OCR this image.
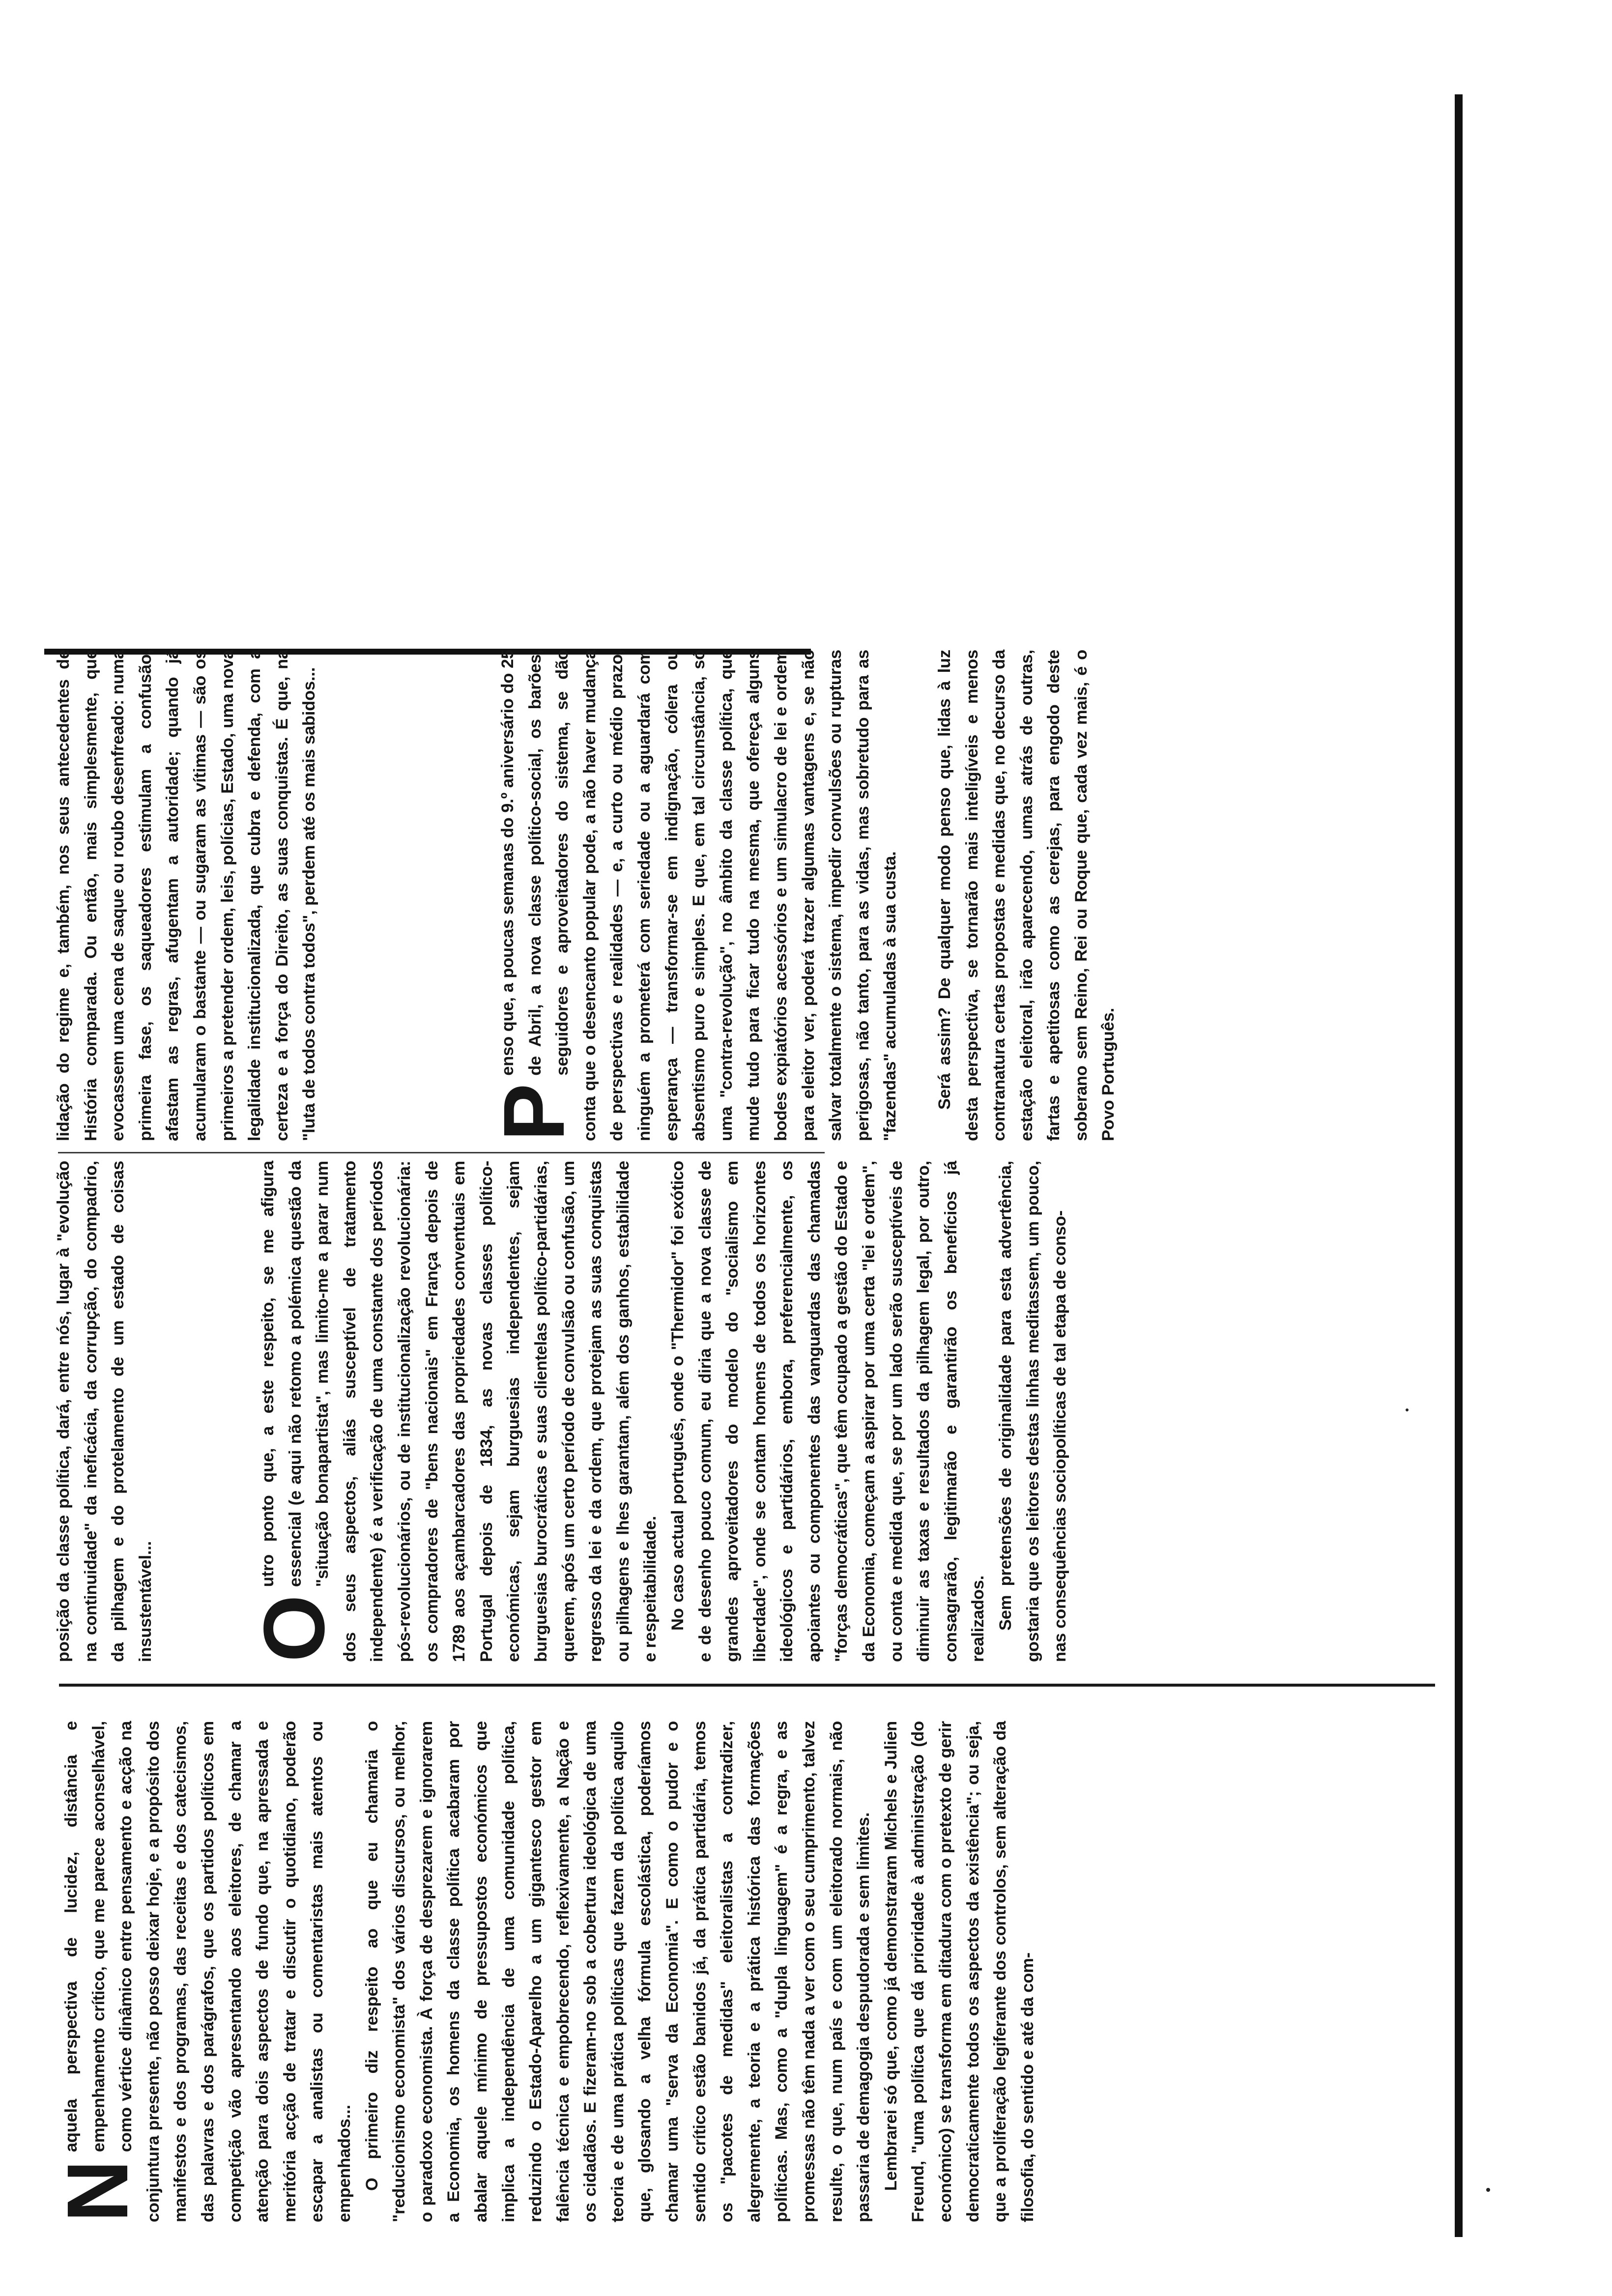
N
aquela perspectiva de lucidez, distância e empenhamento crítico, que me parece aconselhável, como vértice dinâmico entre pensamento e acção na conjuntura presente, não posso deixar hoje, e a propósito dos manifestos e dos programas, das receitas e dos catecismos, das palavras e dos parágrafos, que os partidos políticos em competição vão apresentando aos eleitores, de chamar a atenção para dois aspectos de fundo que, na apressada e meritória acção de tratar e discutir o quotidiano, poderão escapar a analistas ou comentaristas mais atentos ou empenhados... O primeiro diz respeito ao que eu chamaria o "reducionismo economista" dos vários discursos, ou melhor, o paradoxo economista. À força de desprezarem e ignorarem a Economia, os homens da classe política acabaram por abalar aquele mínimo de pressupostos económicos que implica a independência de uma comunidade política, reduzindo o Estado-Aparelho a um gigantesco gestor em falência técnica e empobrecendo, reflexivamente, a Nação e os cidadãos. E fizeram-no sob a cobertura ideológica de uma teoria e de uma prática políticas que fazem da política aquilo que, glosando a velha fórmula escolástica, poderíamos chamar uma "serva da Economia". E como o pudor e o sentido crítico estão banidos já, da prática partidária, temos os "pacotes de medidas" eleitoralistas a contradizer, alegremente, a teoria e a prática histórica das formações políticas. Mas, como a "dupla linguagem" é a regra, e as promessas não têm nada a ver com o seu cumprimento, talvez resulte, o que, num país e com um eleitorado normais, não passaria de demagogia despudorada e sem limites. Lembrarei só que, como já demonstraram Michels e Julien Freund, "uma política que dá prioridade à administração (do económico) se transforma em ditadura com o pretexto de gerir democraticamente todos os aspectos da existência"; ou seja, que a proliferação legiferante dos controlos, sem alteração da filosofia, do sentido e até da com-

posição da classe política, dará, entre nós, lugar à "evolução na continuidade" da ineficácia, da corrupção, do compadrio, da pilhagem e do protelamento de um estado de coisas insustentável... O
utro ponto que, a este respeito, se me afigura essencial (e aqui não retomo a polémica questão da "situação bonapartista", mas limito-me a parar num dos seus aspectos, aliás susceptível de tratamento independente) é a verificação de uma constante dos períodos pós-revolucionários, ou de institucionalização revolucionária: os compradores de "bens nacionais" em França depois de 1789 aos açambarcadores das propriedades conventuais em Portugal depois de 1834, as novas classes político-económicas, sejam burguesias independentes, sejam burguesias burocráticas e suas clientelas político-partidárias, querem, após um certo período de convulsão ou confusão, um regresso da lei e da ordem, que protejam as suas conquistas ou pilhagens e lhes garantam, além dos ganhos, estabilidade e respeitabilidade. No caso actual português, onde o "Thermidor" foi exótico e de desenho pouco comum, eu diria que a nova classe de grandes aproveitadores do modelo do "socialismo em liberdade", onde se contam homens de todos os horizontes ideológicos e partidários, embora, preferencialmente, os apoiantes ou componentes das vanguardas das chamadas "forças democráticas", que têm ocupado a gestão do Estado e da Economia, começam a aspirar por uma certa "lei e ordem", ou conta e medida que, se por um lado serão susceptíveis de diminuir as taxas e resultados da pilhagem legal, por outro, consagrarão, legitimarão e garantirão os benefícios já realizados. Sem pretensões de originalidade para esta advertência, gostaria que os leitores destas linhas meditassem, um pouco, nas consequências sociopolíticas de tal etapa de conso-

lidação do regime e, também, nos seus antecedentes de História comparada. Ou então, mais simplesmente, que evocassem uma cena de saque ou roubo desenfreado: numa primeira fase, os saqueadores estimulam a confusão, afastam as regras, afugentam a autoridade; quando já acumularam o bastante — ou sugaram as vítimas — são os primeiros a pretender ordem, leis, polícias, Estado, uma nova legalidade institucionalizada, que cubra e defenda, com a certeza e a força do Direito, as suas conquistas. É que, na "luta de todos contra todos", perdem até os mais sabidos... P
enso que, a poucas semanas do 9.º aniversário do 25 de Abril, a nova classe político-social, os barões, seguidores e aproveitadores do sistema, se dão conta que o desencanto popular pode, a não haver mudança de perspectivas e realidades — e, a curto ou médio prazo, ninguém a prometerá com seriedade ou a aguardará com esperança — transformar-se em indignação, cólera ou absentismo puro e simples. E que, em tal circunstância, só uma "contra-revolução", no âmbito da classe política, que mude tudo para ficar tudo na mesma, que ofereça alguns bodes expiatórios acessórios e um simulacro de lei e ordem para eleitor ver, poderá trazer algumas vantagens e, se não salvar totalmente o sistema, impedir convulsões ou rupturas perigosas, não tanto, para as vidas, mas sobretudo para as "fazendas" acumuladas à sua custa. Será assim? De qualquer modo penso que, lidas à luz desta perspectiva, se tornarão mais inteligíveis e menos contranatura certas propostas e medidas que, no decurso da estação eleitoral, irão aparecendo, umas atrás de outras, fartas e apetitosas como as cerejas, para engodo deste soberano sem Reino, Rei ou Roque que, cada vez mais, é o Povo Português.
